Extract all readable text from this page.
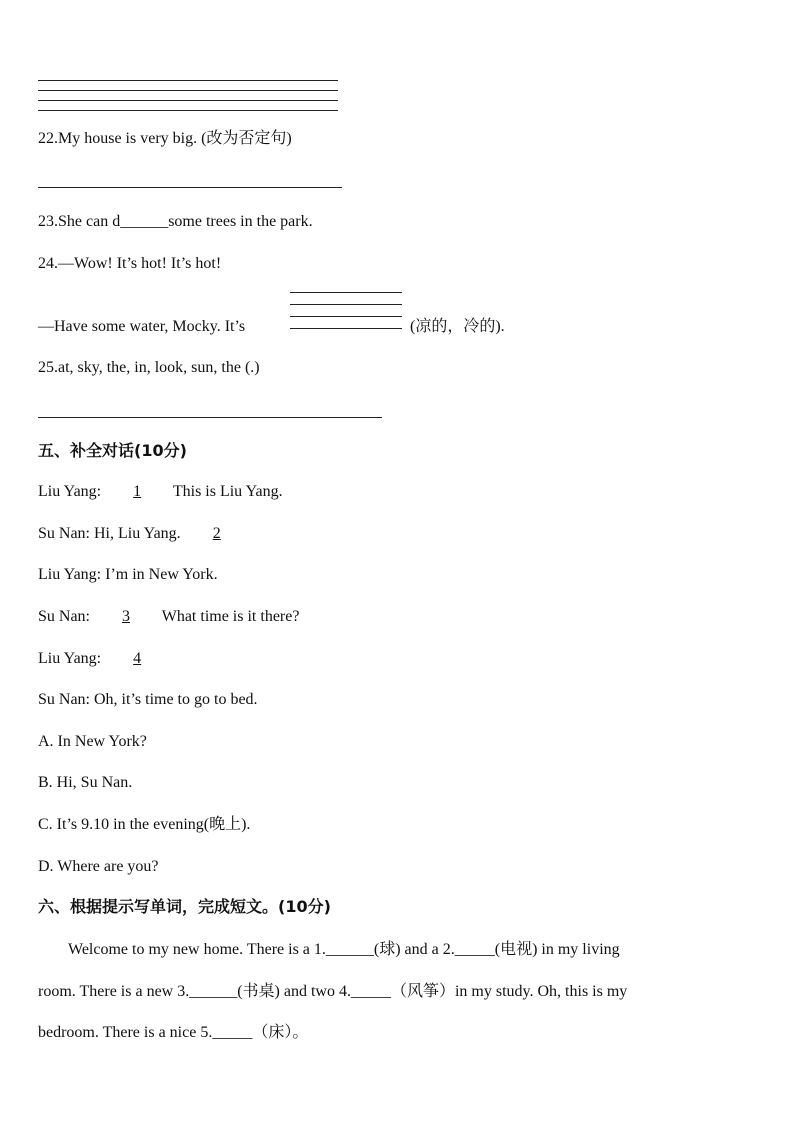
22.My house is very big. (改为否定句)
23.She can d______some trees in the park.
24.—Wow! It’s hot! It’s hot!
—Have some water, Mocky. It’s	(凉的，冷的).
25.at, sky, the, in, look, sun, the (.)
五、补全对话(10分)
Liu Yang: 1 This is Liu Yang.
Su Nan: Hi, Liu Yang. 2
Liu Yang: I’m in New York.
Su Nan: 3 What time is it there?
Liu Yang: 4
Su Nan: Oh, it’s time to go to bed.
A. In New York?
B. Hi, Su Nan.
C. It’s 9.10 in the evening(晚上).
D. Where are you?
六、根据提示写单词，完成短文。(10分)
Welcome to my new home. There is a 1.______(球) and a 2._____(电视) in my living
room. There is a new 3.______(书桌) and two 4._____（风筝）in my study. Oh, this is my
bedroom. There is a nice 5._____（床）。
